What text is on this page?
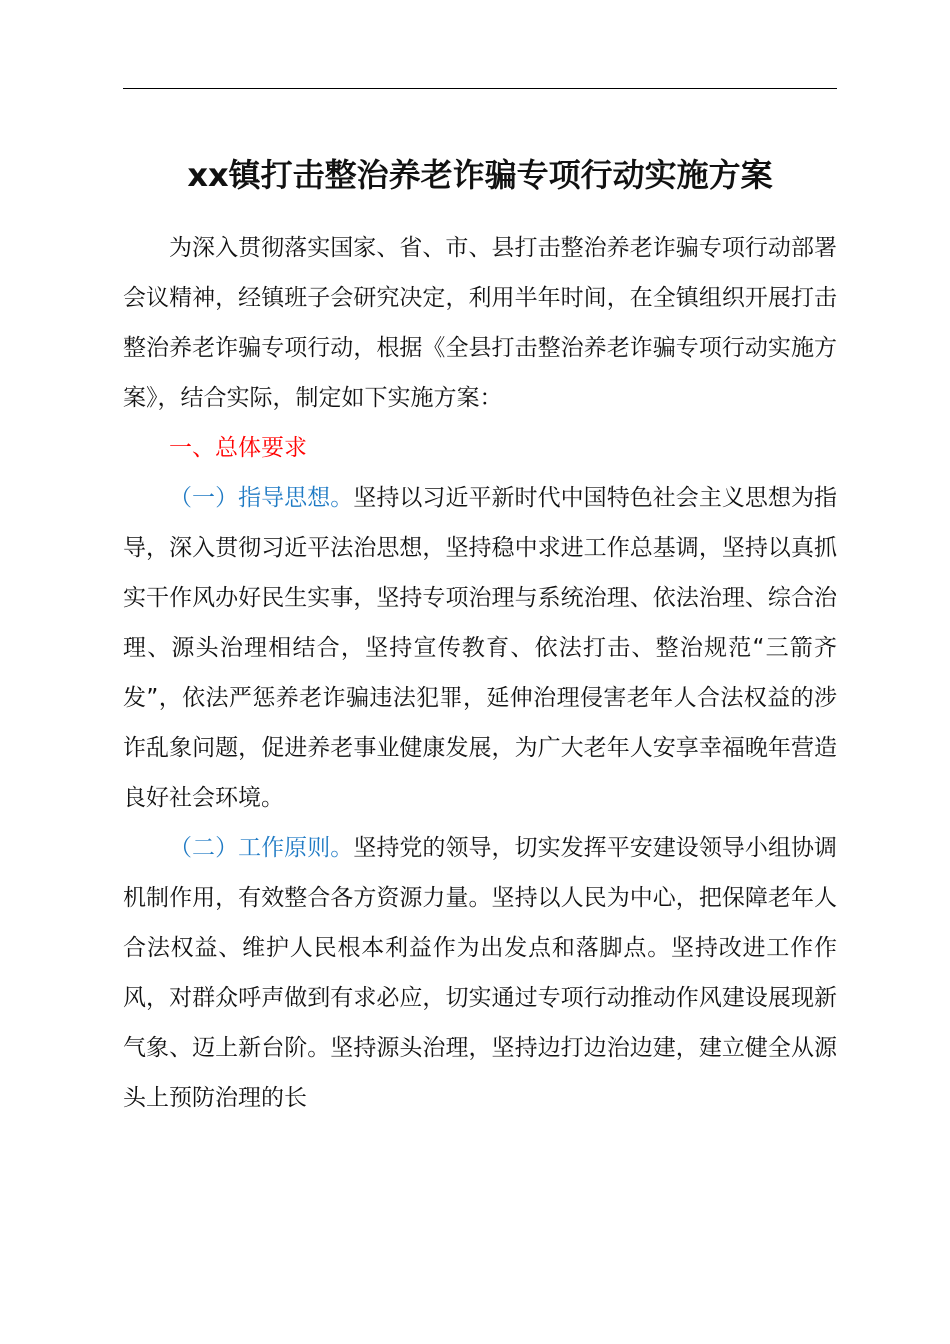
xx镇打击整治养老诈骗专项行动实施方案

为深入贯彻落实国家、省、市、县打击整治养老诈骗专项行动部署会议精神，经镇班子会研究决定，利用半年时间，在全镇组织开展打击整治养老诈骗专项行动，根据《全县打击整治养老诈骗专项行动实施方案》，结合实际，制定如下实施方案：

一、总体要求

（一）指导思想。坚持以习近平新时代中国特色社会主义思想为指导，深入贯彻习近平法治思想，坚持稳中求进工作总基调，坚持以真抓实干作风办好民生实事，坚持专项治理与系统治理、依法治理、综合治理、源头治理相结合，坚持宣传教育、依法打击、整治规范“三箭齐发”，依法严惩养老诈骗违法犯罪，延伸治理侵害老年人合法权益的涉诈乱象问题，促进养老事业健康发展，为广大老年人安享幸福晚年营造良好社会环境。

（二）工作原则。坚持党的领导，切实发挥平安建设领导小组协调机制作用，有效整合各方资源力量。坚持以人民为中心，把保障老年人合法权益、维护人民根本利益作为出发点和落脚点。坚持改进工作作风，对群众呼声做到有求必应，切实通过专项行动推动作风建设展现新气象、迈上新台阶。坚持源头治理，坚持边打边治边建，建立健全从源头上预防治理的长
